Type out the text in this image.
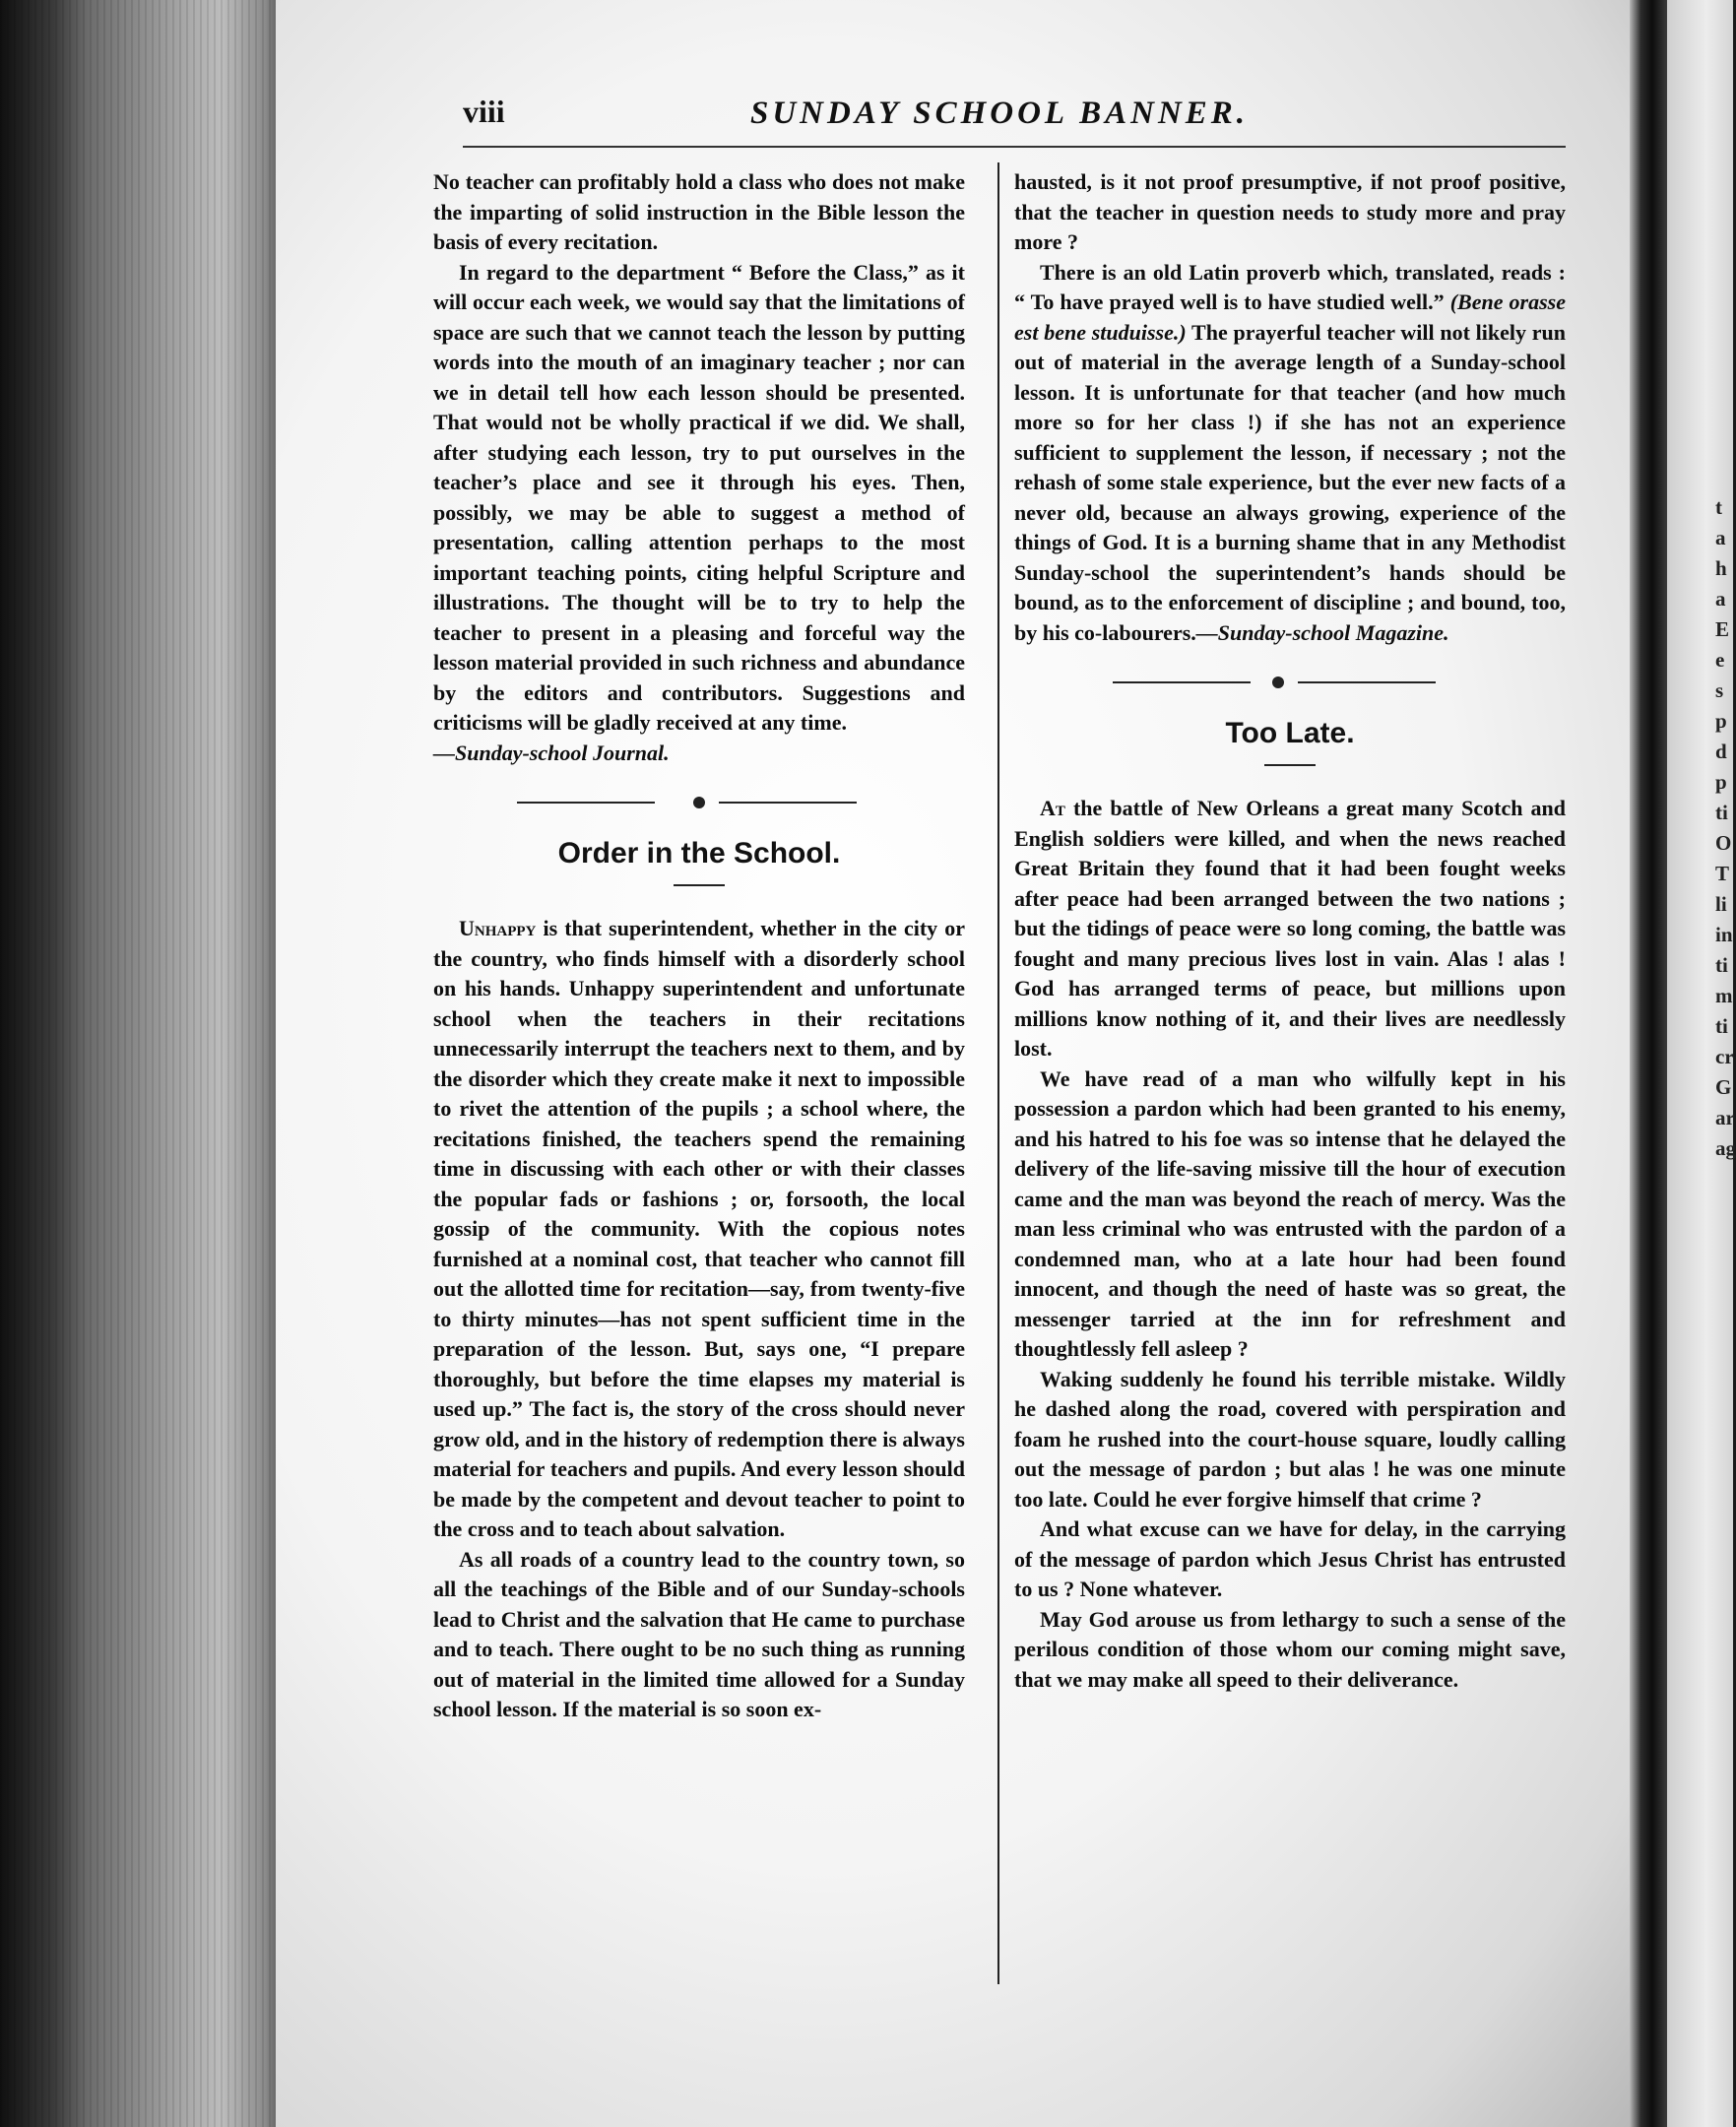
viii	SUNDAY SCHOOL BANNER.

No teacher can profitably hold a class who does not make the imparting of solid instruction in the Bible lesson the basis of every recitation.

In regard to the department “ Before the Class,” as it will occur each week, we would say that the limitations of space are such that we cannot teach the lesson by putting words into the mouth of an imaginary teacher ; nor can we in detail tell how each lesson should be presented. That would not be wholly practical if we did. We shall, after studying each lesson, try to put ourselves in the teacher’s place and see it through his eyes. Then, possibly, we may be able to suggest a method of presentation, calling attention perhaps to the most important teaching points, citing helpful Scripture and illustrations. The thought will be to try to help the teacher to present in a pleasing and forceful way the lesson material provided in such richness and abundance by the editors and contributors. Suggestions and criticisms will be gladly received at any time.
—Sunday-school Journal.

Order in the School.

Unhappy is that superintendent, whether in the city or the country, who finds himself with a disorderly school on his hands. Unhappy superintendent and unfortunate school when the teachers in their recitations unnecessarily interrupt the teachers next to them, and by the disorder which they create make it next to impossible to rivet the attention of the pupils ; a school where, the recitations finished, the teachers spend the remaining time in discussing with each other or with their classes the popular fads or fashions ; or, forsooth, the local gossip of the community. With the copious notes furnished at a nominal cost, that teacher who cannot fill out the allotted time for recitation—say, from twenty-five to thirty minutes—has not spent sufficient time in the preparation of the lesson. But, says one, “I prepare thoroughly, but before the time elapses my material is used up.” The fact is, the story of the cross should never grow old, and in the history of redemption there is always material for teachers and pupils. And every lesson should be made by the competent and devout teacher to point to the cross and to teach about salvation.

As all roads of a country lead to the country town, so all the teachings of the Bible and of our Sunday-schools lead to Christ and the salvation that He came to purchase and to teach. There ought to be no such thing as running out of material in the limited time allowed for a Sunday school lesson. If the material is so soon ex-

hausted, is it not proof presumptive, if not proof positive, that the teacher in question needs to study more and pray more ?

There is an old Latin proverb which, translated, reads : “ To have prayed well is to have studied well.” (Bene orasse est bene studuisse.) The prayerful teacher will not likely run out of material in the average length of a Sunday-school lesson. It is unfortunate for that teacher (and how much more so for her class !) if she has not an experience sufficient to supplement the lesson, if necessary ; not the rehash of some stale experience, but the ever new facts of a never old, because an always growing, experience of the things of God. It is a burning shame that in any Methodist Sunday-school the superintendent’s hands should be bound, as to the enforcement of discipline ; and bound, too, by his co-labourers.—Sunday-school Magazine.

Too Late.

At the battle of New Orleans a great many Scotch and English soldiers were killed, and when the news reached Great Britain they found that it had been fought weeks after peace had been arranged between the two nations ; but the tidings of peace were so long coming, the battle was fought and many precious lives lost in vain. Alas ! alas ! God has arranged terms of peace, but millions upon millions know nothing of it, and their lives are needlessly lost.

We have read of a man who wilfully kept in his possession a pardon which had been granted to his enemy, and his hatred to his foe was so intense that he delayed the delivery of the life-saving missive till the hour of execution came and the man was beyond the reach of mercy. Was the man less criminal who was entrusted with the pardon of a condemned man, who at a late hour had been found innocent, and though the need of haste was so great, the messenger tarried at the inn for refreshment and thoughtlessly fell asleep ?

Waking suddenly he found his terrible mistake. Wildly he dashed along the road, covered with perspiration and foam he rushed into the court-house square, loudly calling out the message of pardon ; but alas ! he was one minute too late. Could he ever forgive himself that crime ?

And what excuse can we have for delay, in the carrying of the message of pardon which Jesus Christ has entrusted to us ? None whatever.

May God arouse us from lethargy to such a sense of the perilous condition of those whom our coming might save, that we may make all speed to their deliverance.

t
a
h
a
E
e
s
p
d
p
ti
O
T
li
in
ti
m
ti
cr
G
ar
ag
